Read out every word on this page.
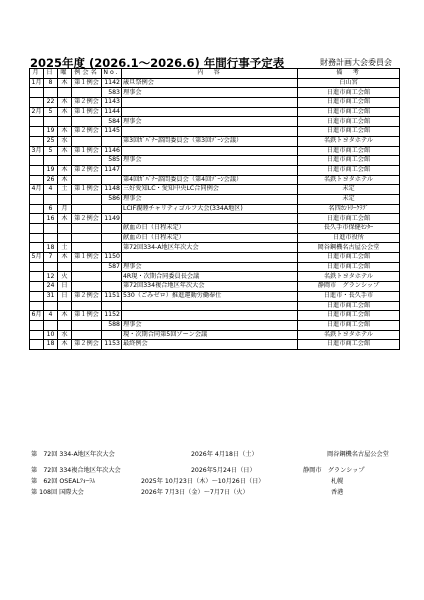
2025年度 (2026.1～2026.6) 年間行事予定表	財務計画大会委員会
月	日	曜	例会名	No.	内　容	備　考
1月	8	木	第１例会	1142	歳旦祭例会	白山宮
				583	理事会	日進市商工会館
	22	木	第２例会	1143		日進市商工会館
2月	5	木	第１例会	1144		日進市商工会館
				584	理事会	日進市商工会館
	19	木	第２例会	1145		日進市商工会館
	25	水			第3回ｶﾞﾊﾞﾅｰ諮問委員会（第3回ｿﾞｰﾝ会議）	名鉄トヨタホテル
3月	5	木	第１例会	1146		日進市商工会館
				585	理事会	日進市商工会館
	19	木	第２例会	1147		日進市商工会館
	26	木			第4回ｶﾞﾊﾞﾅｰ諮問委員会（第4回ｿﾞｰﾝ会議）	名鉄トヨタホテル
4月	4	土	第１例会	1148	三好愛知LC・愛知中央LC合同例会	未定
				586	理事会	未定
	6	月			LCIF親睦チャリティゴルフ大会(334A地区)	名四ｶﾝﾄﾘｰｸﾗﾌﾞ
	16	木	第２例会	1149		日進市商工会館
					献血の日（日程未定）	長久手市保健ｾﾝﾀｰ
					献血の日（日程未定）	日進市役所
	18	土			第72回334-A地区年次大会	岡谷鋼機名古屋公会堂
5月	7	木	第１例会	1150		日進市商工会館
				587	理事会	日進市商工会館
	12	火			4R現・次期合同委員長会議	名鉄トヨタホテル
	24	日			第72回334複合地区年次大会	静岡市　グランシップ
	31	日	第２例会	1151	530（ごみゼロ）推進運動労働奉仕	日進市・長久手市
						日進市商工会館
6月	4	木	第１例会	1152		日進市商工会館
				588	理事会	日進市商工会館
	10	水			現・次期合同第5回ゾーン会議	名鉄トヨタホテル
	18	木	第２例会	1153	最終例会	日進市商工会館
第　72回 334-A地区年次大会	2026年 4月18日（土）	岡谷鋼機名古屋公会堂
第　72回 334複合地区年次大会	2026年5月24日（日）	静岡市　グランシップ
第　62回 OSEALﾌｫｰﾗﾑ	2025年 10月23日（木）～10月26日（日）	札幌
第 108回 国際大会	2026年 7月3日（金）～7月7日（火）	香港
